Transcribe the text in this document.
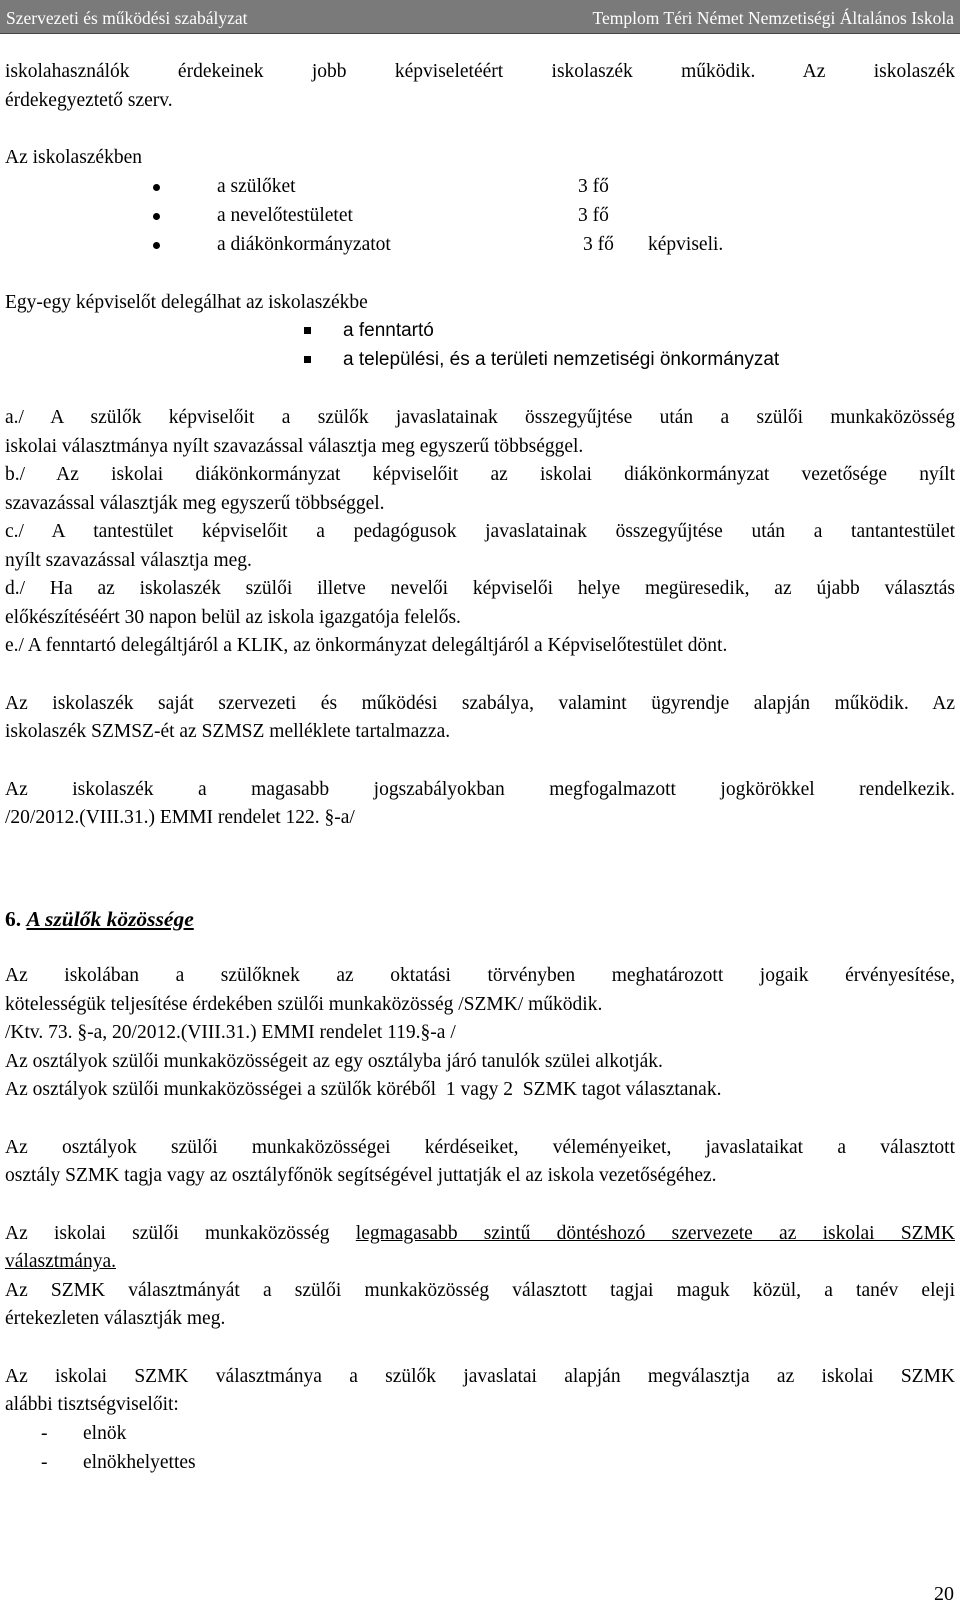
Szervezeti és működési szabályzat	Templom Téri Német Nemzetiségi Általános Iskola

iskolahasználók érdekeinek jobb képviseletéért iskolaszék működik. Az iskolaszék

érdekegyeztető szerv.

Az iskolaszékben

a szülőket	3 fő
a nevelőtestületet	3 fő
a diákönkormányzatot	3 fő képviseli.

Egy-egy képviselőt delegálhat az iskolaszékbe

a fenntartó
a települési, és a területi nemzetiségi önkormányzat

a./ A szülők képviselőit a szülők javaslatainak összegyűjtése után a szülői munkaközösség

iskolai választmánya nyílt szavazással választja meg egyszerű többséggel.

b./ Az iskolai diákönkormányzat képviselőit az iskolai diákönkormányzat vezetősége nyílt

szavazással választják meg egyszerű többséggel.

c./ A tantestület képviselőit a pedagógusok javaslatainak összegyűjtése után a tantantestület

nyílt szavazással választja meg.

d./ Ha az iskolaszék szülői illetve nevelői képviselői helye megüresedik, az újabb választás

előkészítéséért 30 napon belül az iskola igazgatója felelős.

e./ A fenntartó delegáltjáról a KLIK, az önkormányzat delegáltjáról a Képviselőtestület dönt.

Az iskolaszék saját szervezeti és működési szabálya, valamint ügyrendje alapján működik. Az

iskolaszék SZMSZ-ét az SZMSZ melléklete tartalmazza.

Az iskolaszék a magasabb jogszabályokban megfogalmazott jogkörökkel rendelkezik.

/20/2012.(VIII.31.) EMMI rendelet 122. §-a/

6. A szülők közössége

Az iskolában a szülőknek az oktatási törvényben meghatározott jogaik érvényesítése,

kötelességük teljesítése érdekében szülői munkaközösség /SZMK/ működik.

/Ktv. 73. §-a, 20/2012.(VIII.31.) EMMI rendelet 119.§-a /

Az osztályok szülői munkaközösségeit az egy osztályba járó tanulók szülei alkotják.

Az osztályok szülői munkaközösségei a szülők köréből  1 vagy 2  SZMK tagot választanak.

Az osztályok szülői munkaközösségei kérdéseiket, véleményeiket, javaslataikat a választott

osztály SZMK tagja vagy az osztályfőnök segítségével juttatják el az iskola vezetőségéhez.

Az iskolai szülői munkaközösség legmagasabb szintű döntéshozó szervezete az iskolai SZMK

választmánya.

Az SZMK választmányát a szülői munkaközösség választott tagjai maguk közül, a tanév eleji

értekezleten választják meg.

Az iskolai SZMK választmánya a szülők javaslatai alapján megválasztja az iskolai SZMK

alábbi tisztségviselőit:

- elnök
- elnökhelyettes
20
